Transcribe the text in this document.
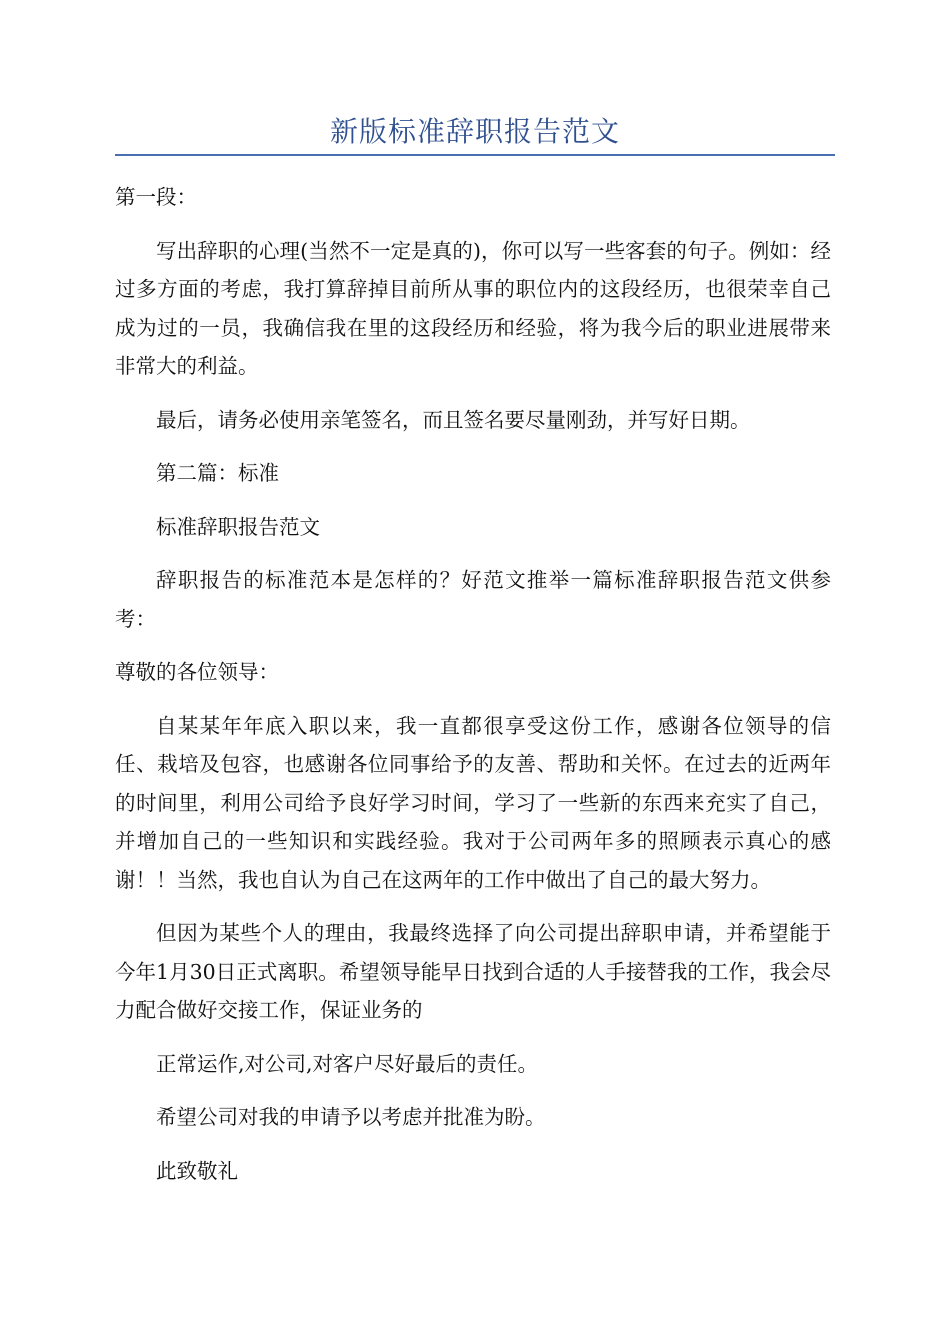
新版标准辞职报告范文

第一段：

写出辞职的心理(当然不一定是真的)，你可以写一些客套的句子。例如：经过多方面的考虑，我打算辞掉目前所从事的职位内的这段经历，也很荣幸自己成为过的一员，我确信我在里的这段经历和经验，将为我今后的职业进展带来非常大的利益。

最后，请务必使用亲笔签名，而且签名要尽量刚劲，并写好日期。

第二篇：标准

标准辞职报告范文

辞职报告的标准范本是怎样的？好范文推举一篇标准辞职报告范文供参考：

尊敬的各位领导：

自某某年年底入职以来，我一直都很享受这份工作，感谢各位领导的信任、栽培及包容，也感谢各位同事给予的友善、帮助和关怀。在过去的近两年的时间里，利用公司给予良好学习时间，学习了一些新的东西来充实了自己，并增加自己的一些知识和实践经验。我对于公司两年多的照顾表示真心的感谢！！当然，我也自认为自己在这两年的工作中做出了自己的最大努力。

但因为某些个人的理由，我最终选择了向公司提出辞职申请，并希望能于今年1月30日正式离职。希望领导能早日找到合适的人手接替我的工作，我会尽力配合做好交接工作，保证业务的

正常运作,对公司,对客户尽好最后的责任。

希望公司对我的申请予以考虑并批准为盼。

此致敬礼
